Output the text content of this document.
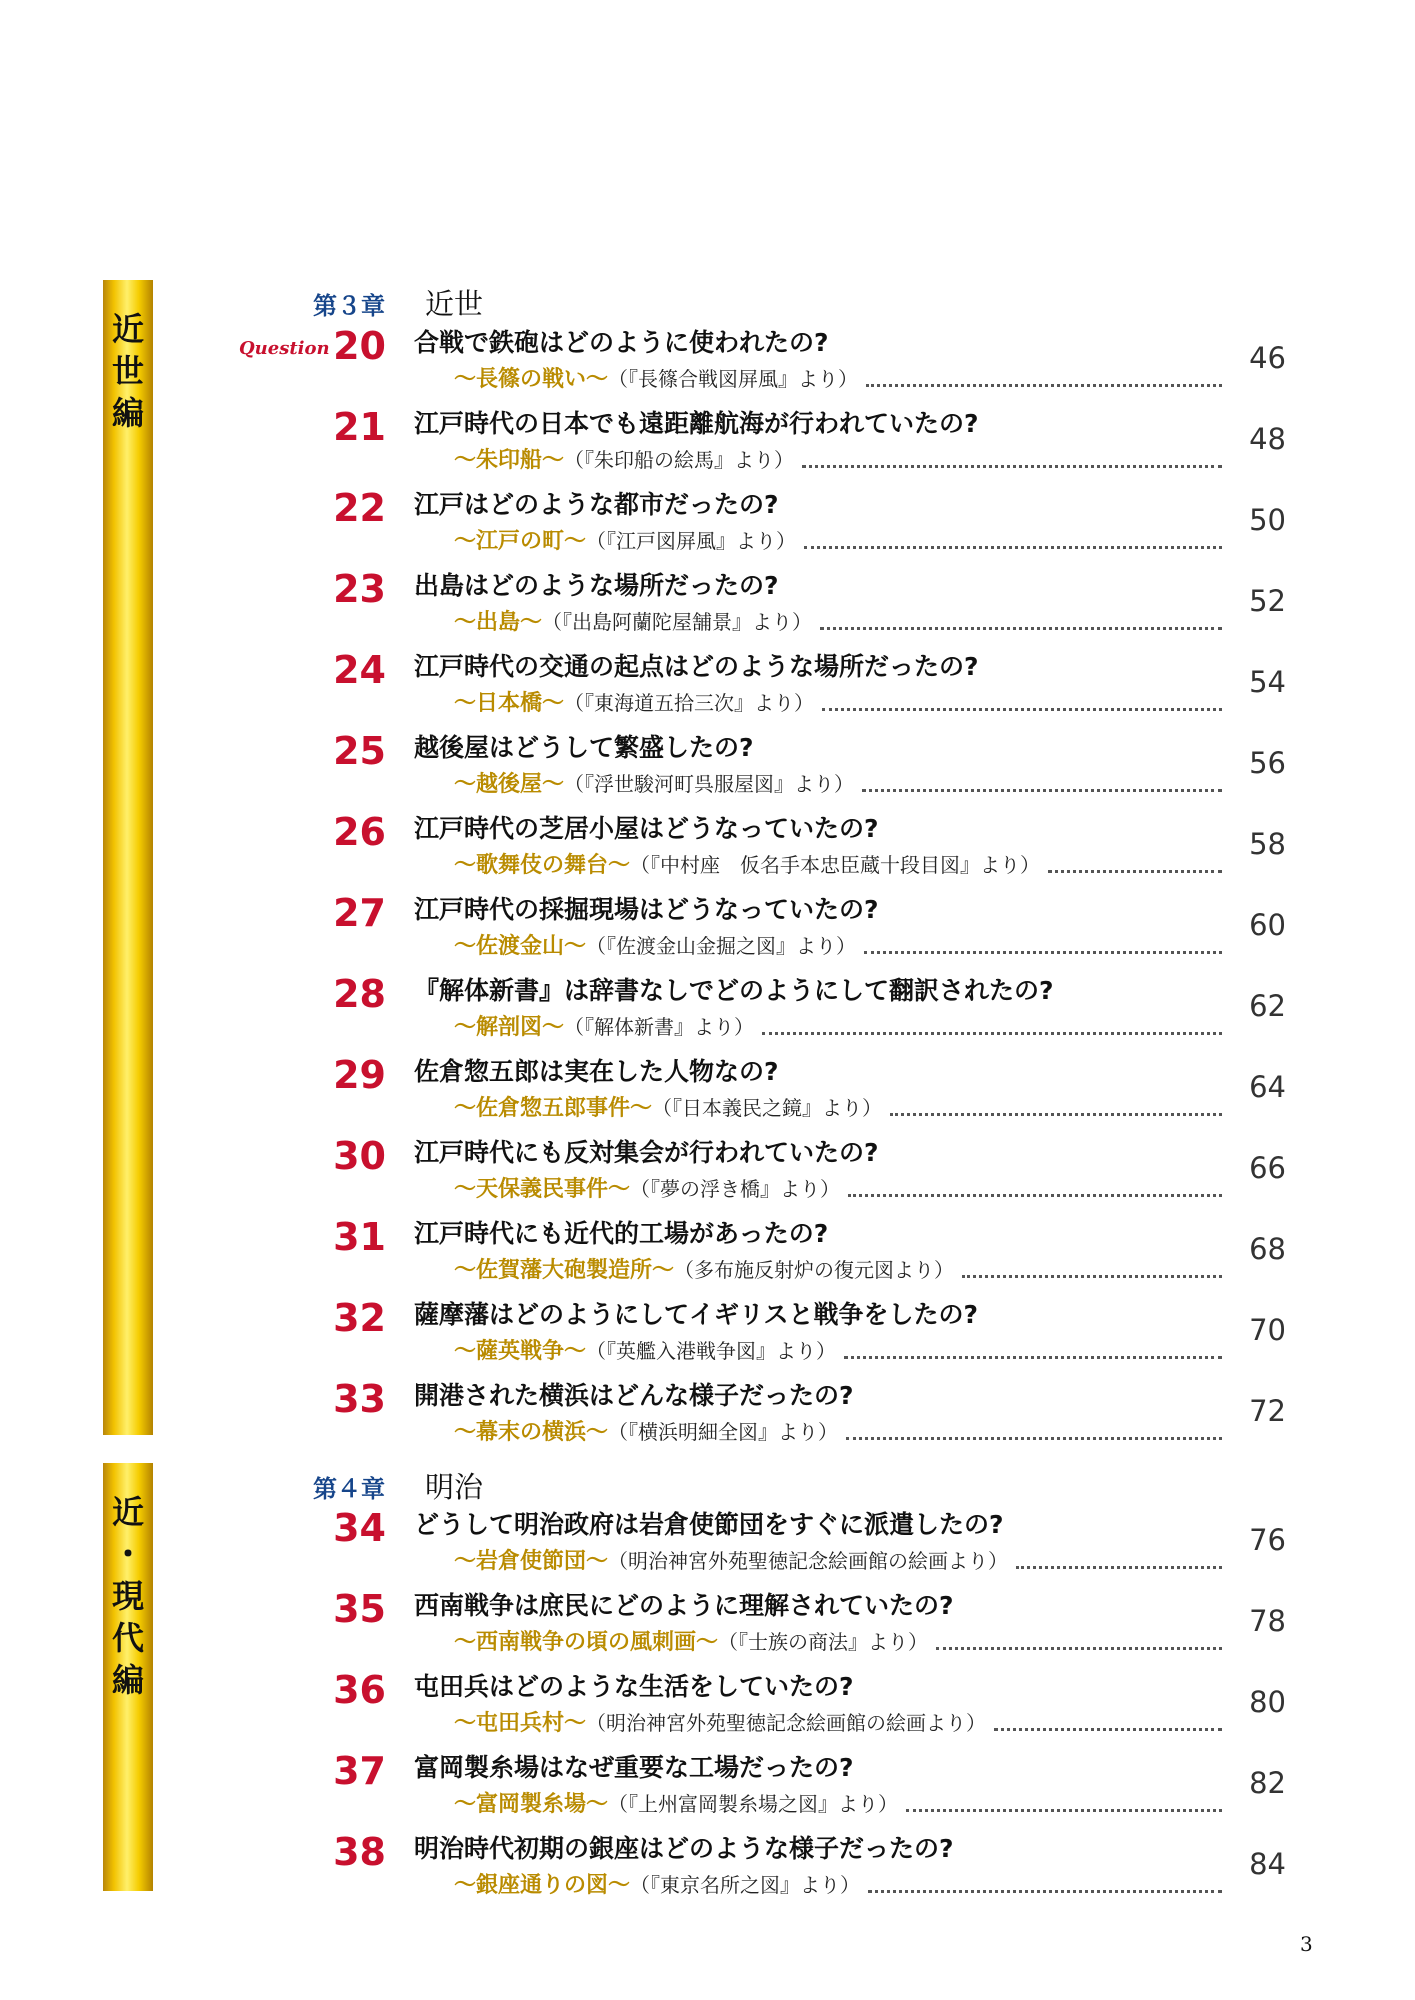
近
世
編
近
・
現
代
編
第３章	近世
Question 20 合戦で鉄砲はどのように使われたの?
〜長篠の戦い〜 （『長篠合戦図屏風』より）
46
21 江戸時代の日本でも遠距離航海が行われていたの?
〜朱印船〜 （『朱印船の絵馬』より）
48
22 江戸はどのような都市だったの?
〜江戸の町〜 （『江戸図屏風』より）
50
23 出島はどのような場所だったの?
〜出島〜 （『出島阿蘭陀屋舗景』より）
52
24 江戸時代の交通の起点はどのような場所だったの?
〜日本橋〜 （『東海道五拾三次』より）
54
25 越後屋はどうして繁盛したの?
〜越後屋〜 （『浮世駿河町呉服屋図』より）
56
26 江戸時代の芝居小屋はどうなっていたの?
〜歌舞伎の舞台〜 （『中村座　仮名手本忠臣蔵十段目図』より）
58
27 江戸時代の採掘現場はどうなっていたの?
〜佐渡金山〜 （『佐渡金山金掘之図』より）
60
28 『解体新書』は辞書なしでどのようにして翻訳されたの?
〜解剖図〜 （『解体新書』より）
62
29 佐倉惣五郎は実在した人物なの?
〜佐倉惣五郎事件〜 （『日本義民之鏡』より）
64
30 江戸時代にも反対集会が行われていたの?
〜天保義民事件〜 （『夢の浮き橋』より）
66
31 江戸時代にも近代的工場があったの?
〜佐賀藩大砲製造所〜 （多布施反射炉の復元図より）
68
32 薩摩藩はどのようにしてイギリスと戦争をしたの?
〜薩英戦争〜 （『英艦入港戦争図』より）
70
33 開港された横浜はどんな様子だったの?
〜幕末の横浜〜 （『横浜明細全図』より）
72
第４章	明治
34 どうして明治政府は岩倉使節団をすぐに派遣したの?
〜岩倉使節団〜 （明治神宮外苑聖徳記念絵画館の絵画より）
76
35 西南戦争は庶民にどのように理解されていたの?
〜西南戦争の頃の風刺画〜 （『士族の商法』より）
78
36 屯田兵はどのような生活をしていたの?
〜屯田兵村〜 （明治神宮外苑聖徳記念絵画館の絵画より）
80
37 富岡製糸場はなぜ重要な工場だったの?
〜富岡製糸場〜 （『上州富岡製糸場之図』より）
82
38 明治時代初期の銀座はどのような様子だったの?
〜銀座通りの図〜 （『東京名所之図』より）
84
3
